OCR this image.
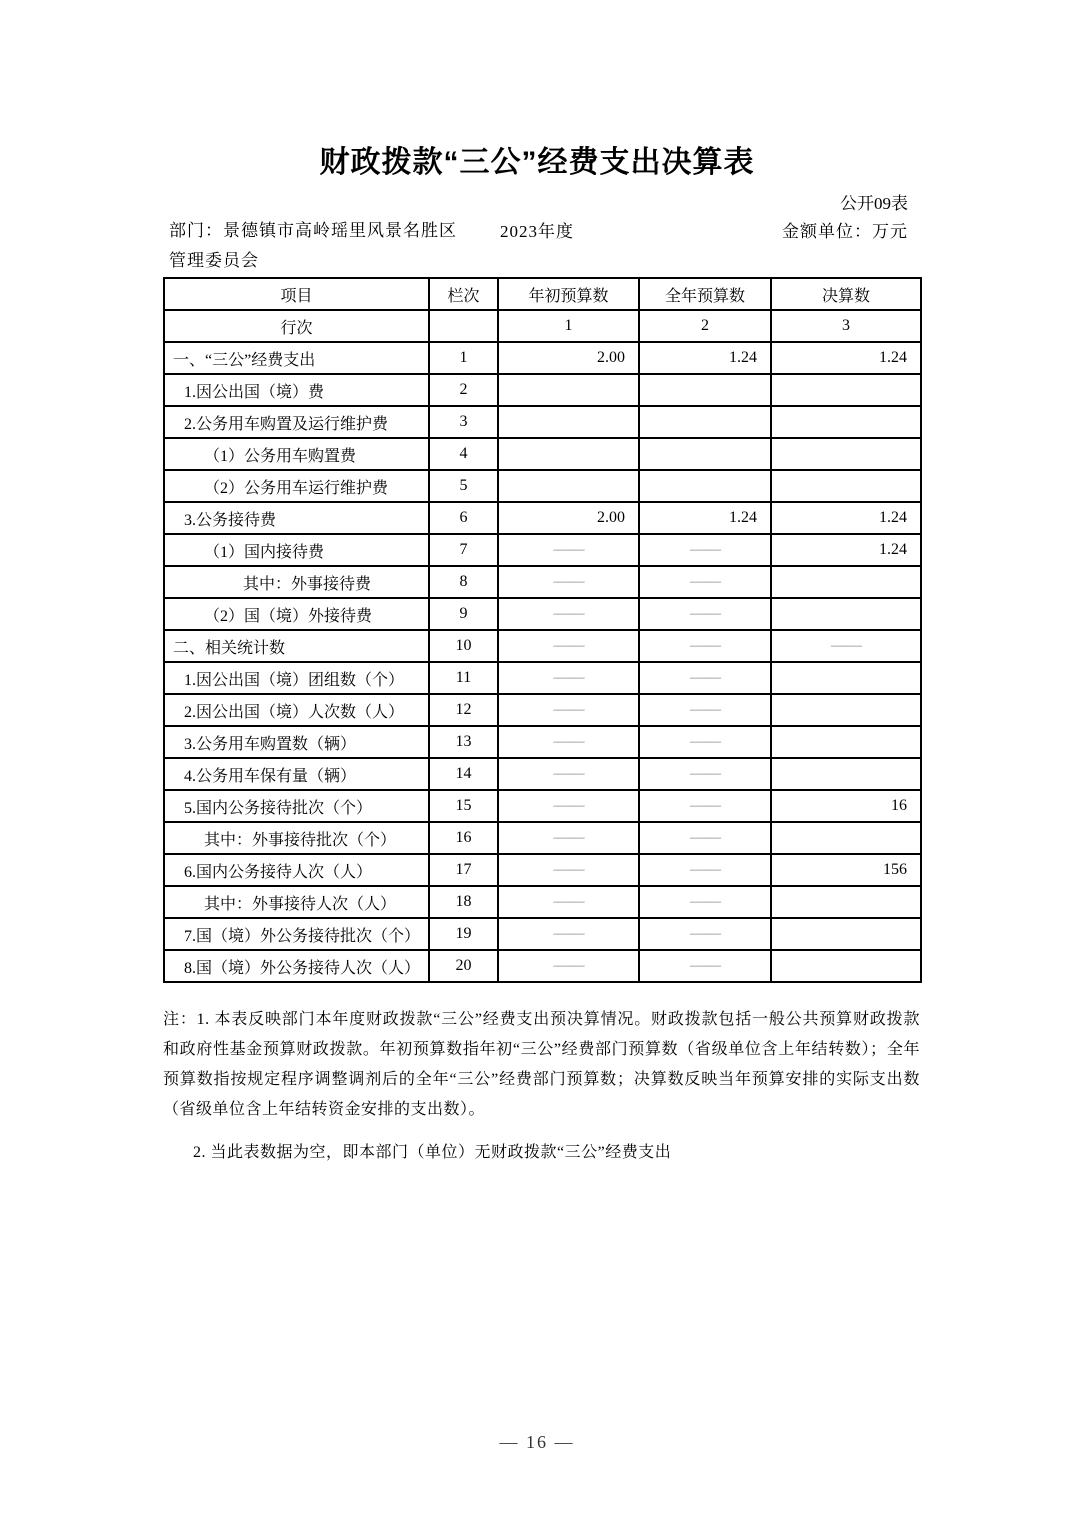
财政拨款“三公”经费支出决算表
公开09表
部门：景德镇市高岭瑶里风景名胜区管理委员会
2023年度	金额单位：万元
项目	栏次	年初预算数	全年预算数	决算数
行次		1	2	3
一、“三公”经费支出	1	2.00	1.24	1.24
1.因公出国（境）费	2			
2.公务用车购置及运行维护费	3			
（1）公务用车购置费	4			
（2）公务用车运行维护费	5			
3.公务接待费	6	2.00	1.24	1.24
（1）国内接待费	7	——	——	1.24
其中：外事接待费	8	——	——	
（2）国（境）外接待费	9	——	——	
二、相关统计数	10	——	——	——
1.因公出国（境）团组数（个）	11	——	——	
2.因公出国（境）人次数（人）	12	——	——	
3.公务用车购置数（辆）	13	——	——	
4.公务用车保有量（辆）	14	——	——	
5.国内公务接待批次（个）	15	——	——	16
其中：外事接待批次（个）	16	——	——	
6.国内公务接待人次（人）	17	——	——	156
其中：外事接待人次（人）	18	——	——	
7.国（境）外公务接待批次（个）	19	——	——	
8.国（境）外公务接待人次（人）	20	——	——	

注：1. 本表反映部门本年度财政拨款“三公”经费支出预决算情况。财政拨款包括一般公共预算财政拨款和政府性基金预算财政拨款。年初预算数指年初“三公”经费部门预算数（省级单位含上年结转数）；全年预算数指按规定程序调整调剂后的全年“三公”经费部门预算数；决算数反映当年预算安排的实际支出数（省级单位含上年结转资金安排的支出数）。

2. 当此表数据为空，即本部门（单位）无财政拨款“三公”经费支出

— 16 —
